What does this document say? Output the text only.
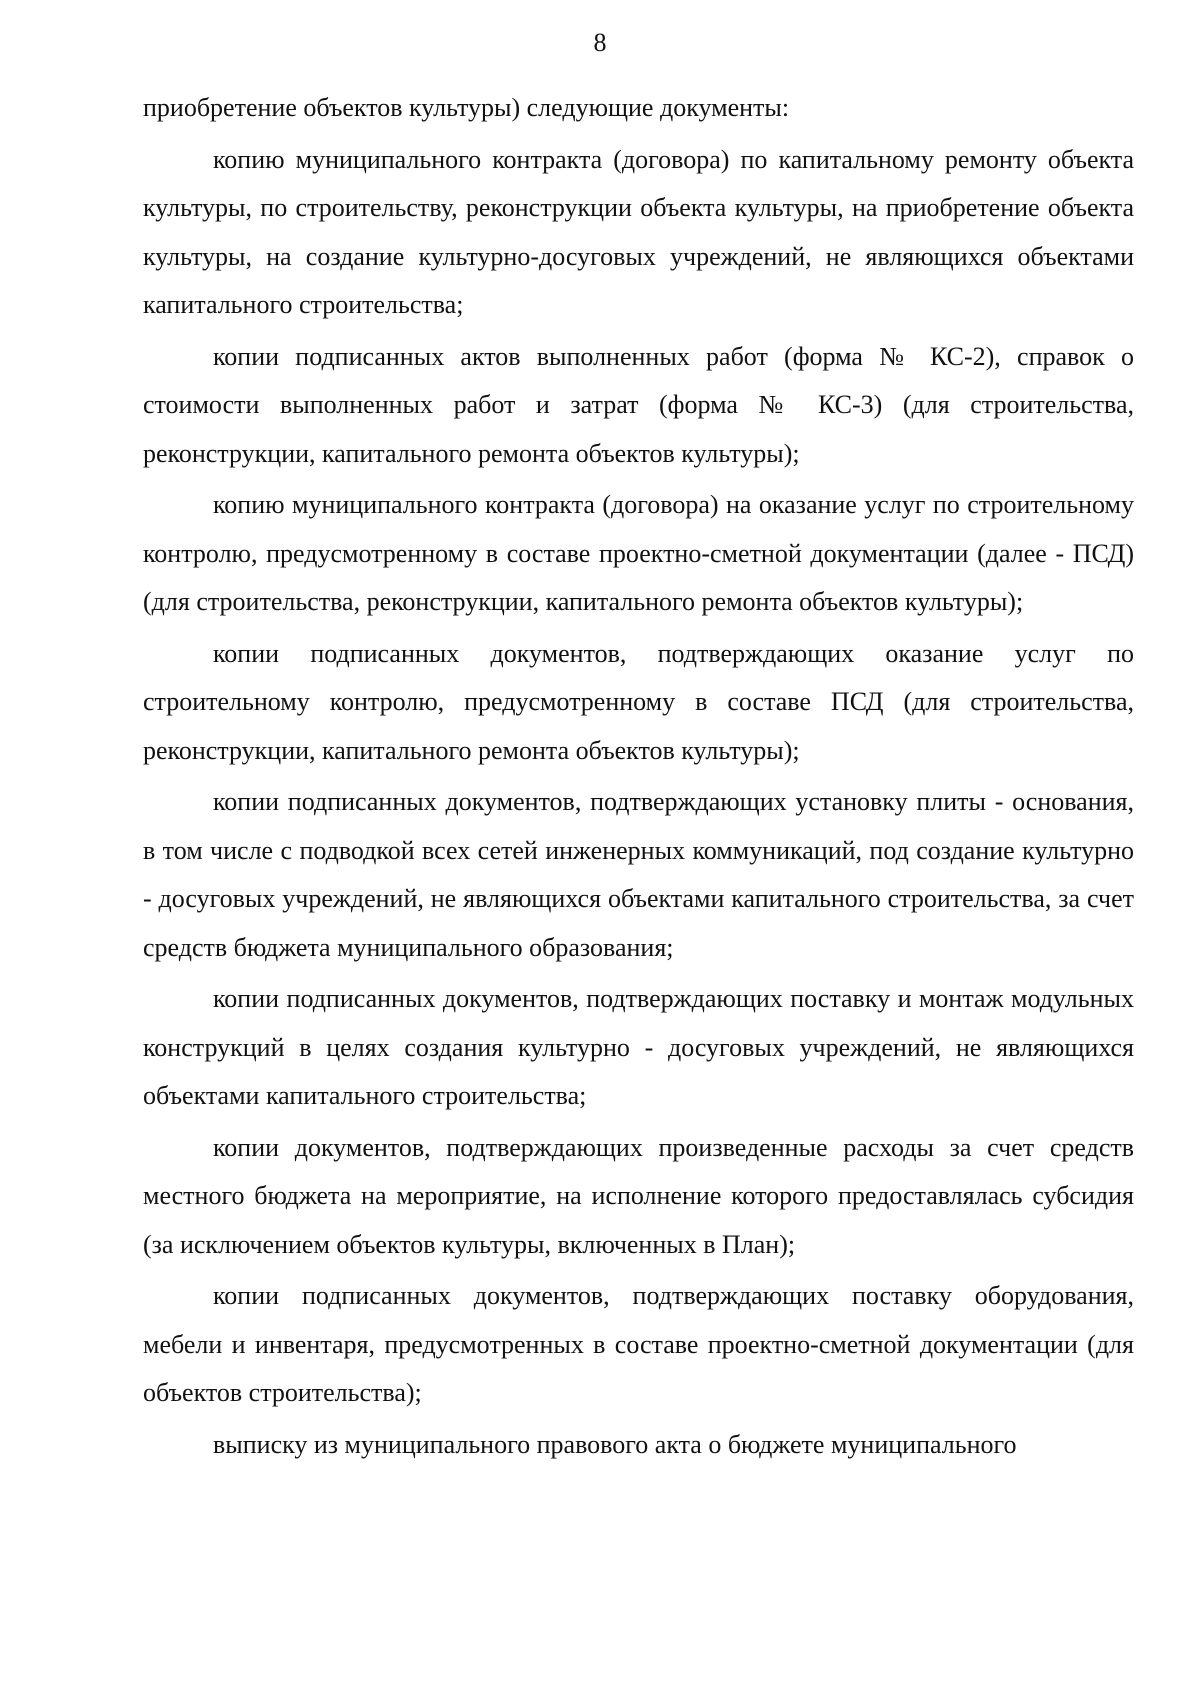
8

приобретение объектов культуры) следующие документы:

копию муниципального контракта (договора) по капитальному ремонту объекта культуры, по строительству, реконструкции объекта культуры, на приобретение объекта культуры, на создание культурно-досуговых учреждений, не являющихся объектами капитального строительства;

копии подписанных актов выполненных работ (форма № КС-2), справок о стоимости выполненных работ и затрат (форма № КС-3) (для строительства, реконструкции, капитального ремонта объектов культуры);

копию муниципального контракта (договора) на оказание услуг по строительному контролю, предусмотренному в составе проектно-сметной документации (далее - ПСД) (для строительства, реконструкции, капитального ремонта объектов культуры);

копии подписанных документов, подтверждающих оказание услуг по строительному контролю, предусмотренному в составе ПСД (для строительства, реконструкции, капитального ремонта объектов культуры);

копии подписанных документов, подтверждающих установку плиты - основания, в том числе с подводкой всех сетей инженерных коммуникаций, под создание культурно - досуговых учреждений, не являющихся объектами капитального строительства, за счет средств бюджета муниципального образования;

копии подписанных документов, подтверждающих поставку и монтаж модульных конструкций в целях создания культурно - досуговых учреждений, не являющихся объектами капитального строительства;

копии документов, подтверждающих произведенные расходы за счет средств местного бюджета на мероприятие, на исполнение которого предоставлялась субсидия (за исключением объектов культуры, включенных в План);

копии подписанных документов, подтверждающих поставку оборудования, мебели и инвентаря, предусмотренных в составе проектно-сметной документации (для объектов строительства);

выписку из муниципального правового акта о бюджете муниципального
